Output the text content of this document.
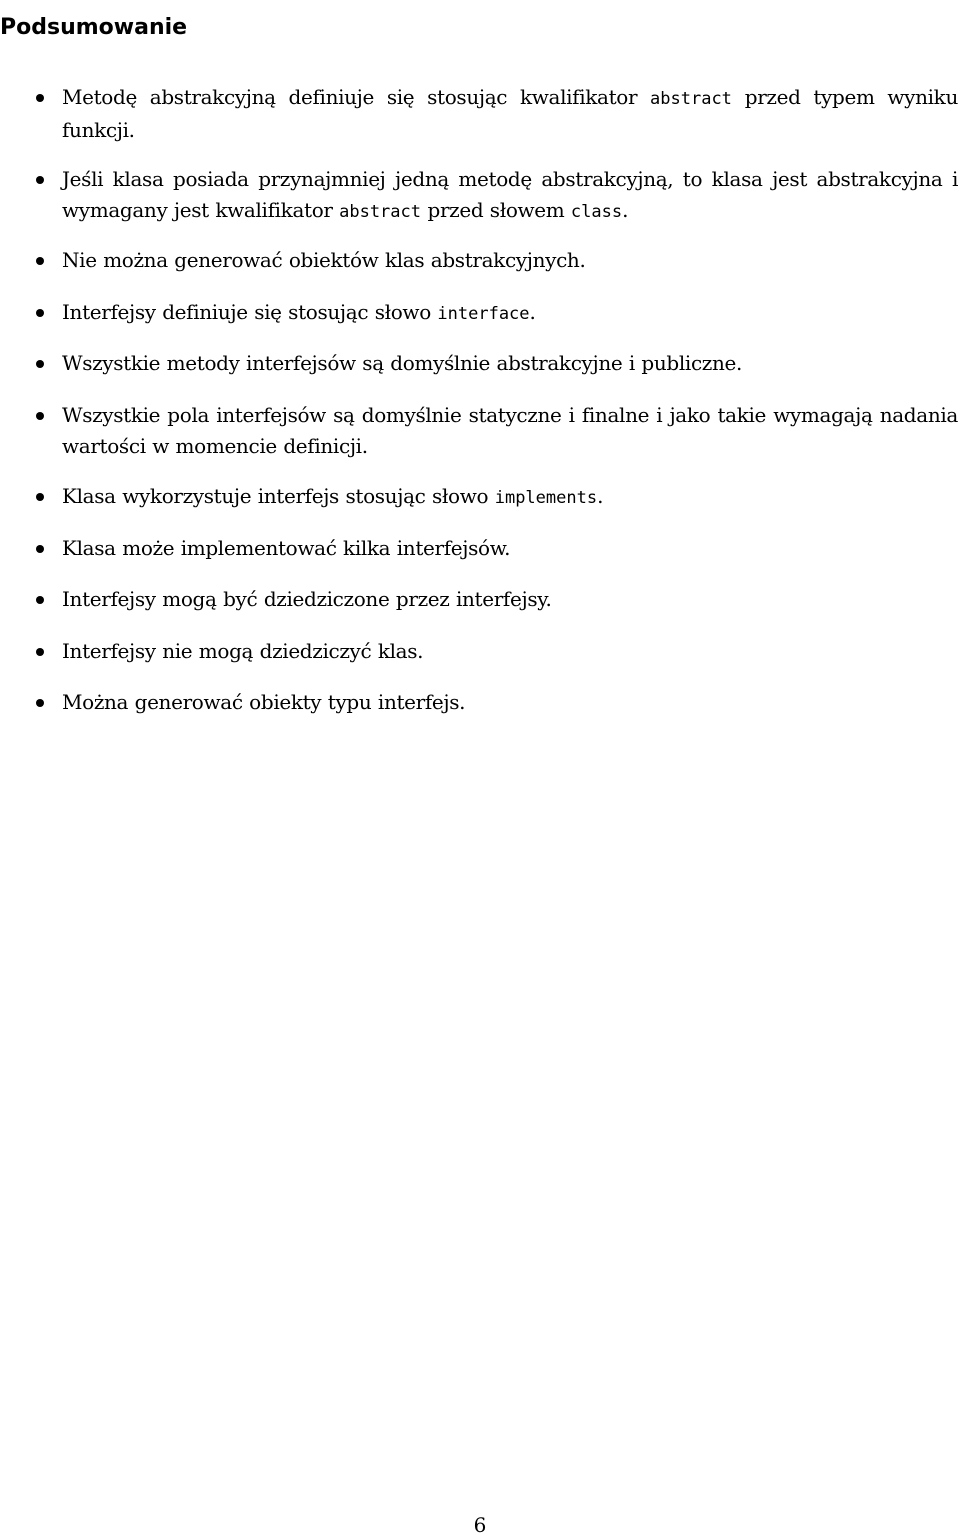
Podsumowanie
Metodę abstrakcyjną definiuje się stosując kwalifikator abstract przed typem wyniku funkcji.
Jeśli klasa posiada przynajmniej jedną metodę abstrakcyjną, to klasa jest abstrakcyjna i wymagany jest kwalifikator abstract przed słowem class.
Nie można generować obiektów klas abstrakcyjnych.
Interfejsy definiuje się stosując słowo interface.
Wszystkie metody interfejsów są domyślnie abstrakcyjne i publiczne.
Wszystkie pola interfejsów są domyślnie statyczne i finalne i jako takie wymagają nadania wartości w momencie definicji.
Klasa wykorzystuje interfejs stosując słowo implements.
Klasa może implementować kilka interfejsów.
Interfejsy mogą być dziedziczone przez interfejsy.
Interfejsy nie mogą dziedziczyć klas.
Można generować obiekty typu interfejs.
6
